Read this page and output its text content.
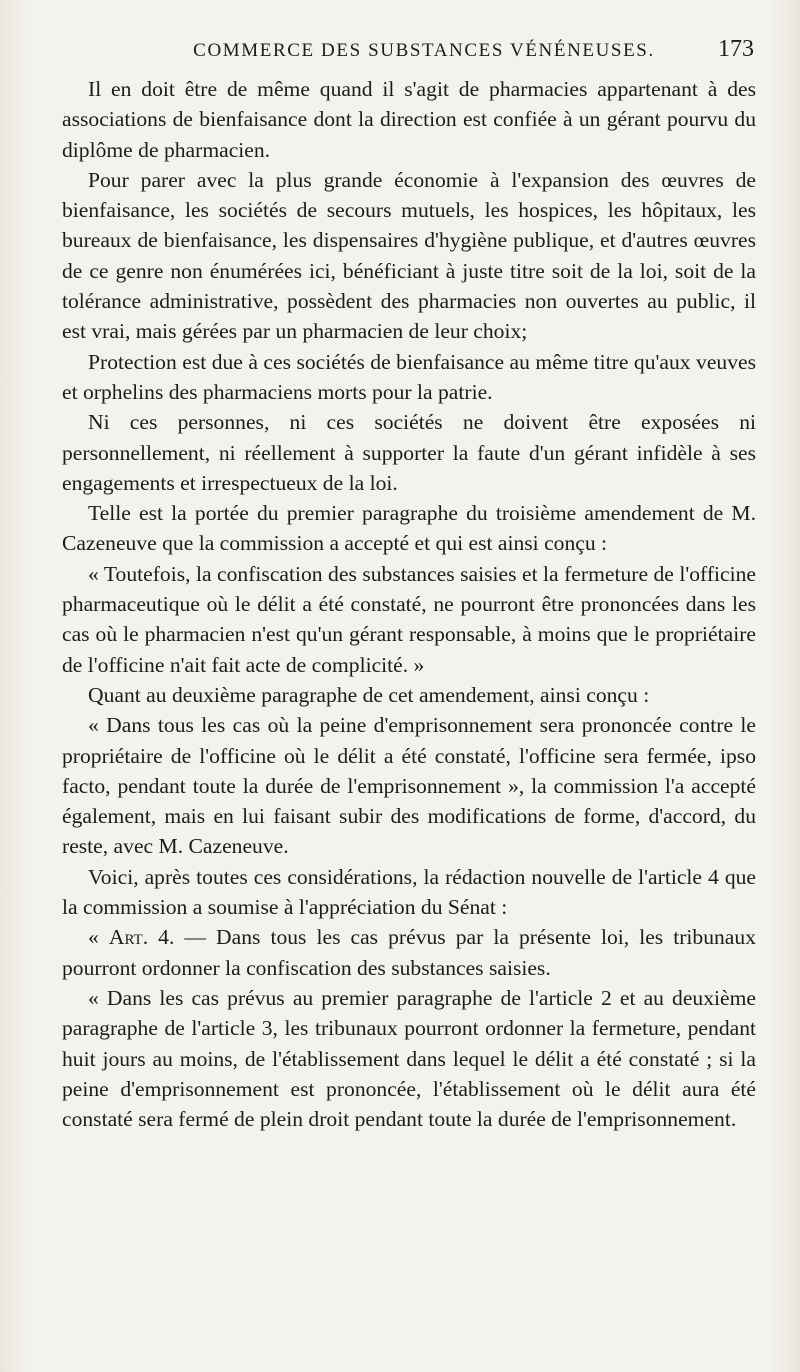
COMMERCE DES SUBSTANCES VÉNÉNEUSES.	173

Il en doit être de même quand il s'agit de pharmacies appartenant à des associations de bienfaisance dont la direction est confiée à un gérant pourvu du diplôme de pharmacien.

Pour parer avec la plus grande économie à l'expansion des œuvres de bienfaisance, les sociétés de secours mutuels, les hospices, les hôpitaux, les bureaux de bienfaisance, les dispensaires d'hygiène publique, et d'autres œuvres de ce genre non énumérées ici, bénéficiant à juste titre soit de la loi, soit de la tolérance administrative, possèdent des pharmacies non ouvertes au public, il est vrai, mais gérées par un pharmacien de leur choix;

Protection est due à ces sociétés de bienfaisance au même titre qu'aux veuves et orphelins des pharmaciens morts pour la patrie.

Ni ces personnes, ni ces sociétés ne doivent être exposées ni personnellement, ni réellement à supporter la faute d'un gérant infidèle à ses engagements et irrespectueux de la loi.

Telle est la portée du premier paragraphe du troisième amendement de M. Cazeneuve que la commission a accepté et qui est ainsi conçu :

« Toutefois, la confiscation des substances saisies et la fermeture de l'officine pharmaceutique où le délit a été constaté, ne pourront être prononcées dans les cas où le pharmacien n'est qu'un gérant responsable, à moins que le propriétaire de l'officine n'ait fait acte de complicité. »

Quant au deuxième paragraphe de cet amendement, ainsi conçu :

« Dans tous les cas où la peine d'emprisonnement sera prononcée contre le propriétaire de l'officine où le délit a été constaté, l'officine sera fermée, ipso facto, pendant toute la durée de l'emprisonnement », la commission l'a accepté également, mais en lui faisant subir des modifications de forme, d'accord, du reste, avec M. Cazeneuve.

Voici, après toutes ces considérations, la rédaction nouvelle de l'article 4 que la commission a soumise à l'appréciation du Sénat :

« Art. 4. — Dans tous les cas prévus par la présente loi, les tribunaux pourront ordonner la confiscation des substances saisies.

« Dans les cas prévus au premier paragraphe de l'article 2 et au deuxième paragraphe de l'article 3, les tribunaux pourront ordonner la fermeture, pendant huit jours au moins, de l'établissement dans lequel le délit a été constaté ; si la peine d'emprisonnement est prononcée, l'établissement où le délit aura été constaté sera fermé de plein droit pendant toute la durée de l'emprisonnement.
